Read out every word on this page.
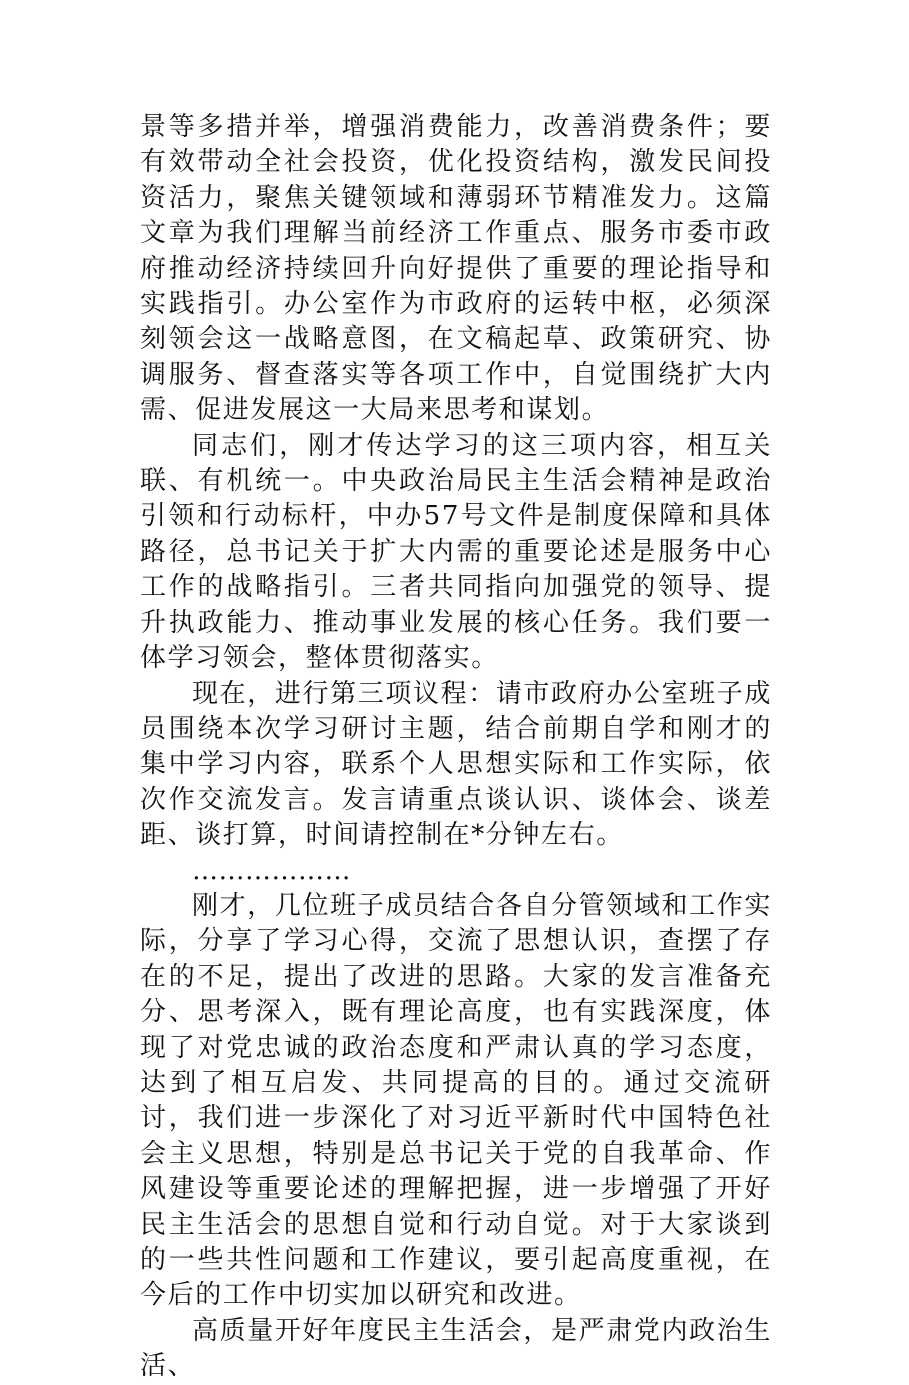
景等多措并举，增强消费能力，改善消费条件；要有效带动全社会投资，优化投资结构，激发民间投资活力，聚焦关键领域和薄弱环节精准发力。这篇文章为我们理解当前经济工作重点、服务市委市政府推动经济持续回升向好提供了重要的理论指导和实践指引。办公室作为市政府的运转中枢，必须深刻领会这一战略意图，在文稿起草、政策研究、协调服务、督查落实等各项工作中，自觉围绕扩大内需、促进发展这一大局来思考和谋划。

同志们，刚才传达学习的这三项内容，相互关联、有机统一。中央政治局民主生活会精神是政治引领和行动标杆，中办57号文件是制度保障和具体路径，总书记关于扩大内需的重要论述是服务中心工作的战略指引。三者共同指向加强党的领导、提升执政能力、推动事业发展的核心任务。我们要一体学习领会，整体贯彻落实。

现在，进行第三项议程：请市政府办公室班子成员围绕本次学习研讨主题，结合前期自学和刚才的集中学习内容，联系个人思想实际和工作实际，依次作交流发言。发言请重点谈认识、谈体会、谈差距、谈打算，时间请控制在*分钟左右。

………………

刚才，几位班子成员结合各自分管领域和工作实际，分享了学习心得，交流了思想认识，查摆了存在的不足，提出了改进的思路。大家的发言准备充分、思考深入，既有理论高度，也有实践深度，体现了对党忠诚的政治态度和严肃认真的学习态度，达到了相互启发、共同提高的目的。通过交流研讨，我们进一步深化了对习近平新时代中国特色社会主义思想，特别是总书记关于党的自我革命、作风建设等重要论述的理解把握，进一步增强了开好民主生活会的思想自觉和行动自觉。对于大家谈到的一些共性问题和工作建议，要引起高度重视，在今后的工作中切实加以研究和改进。

高质量开好年度民主生活会，是严肃党内政治生活、
